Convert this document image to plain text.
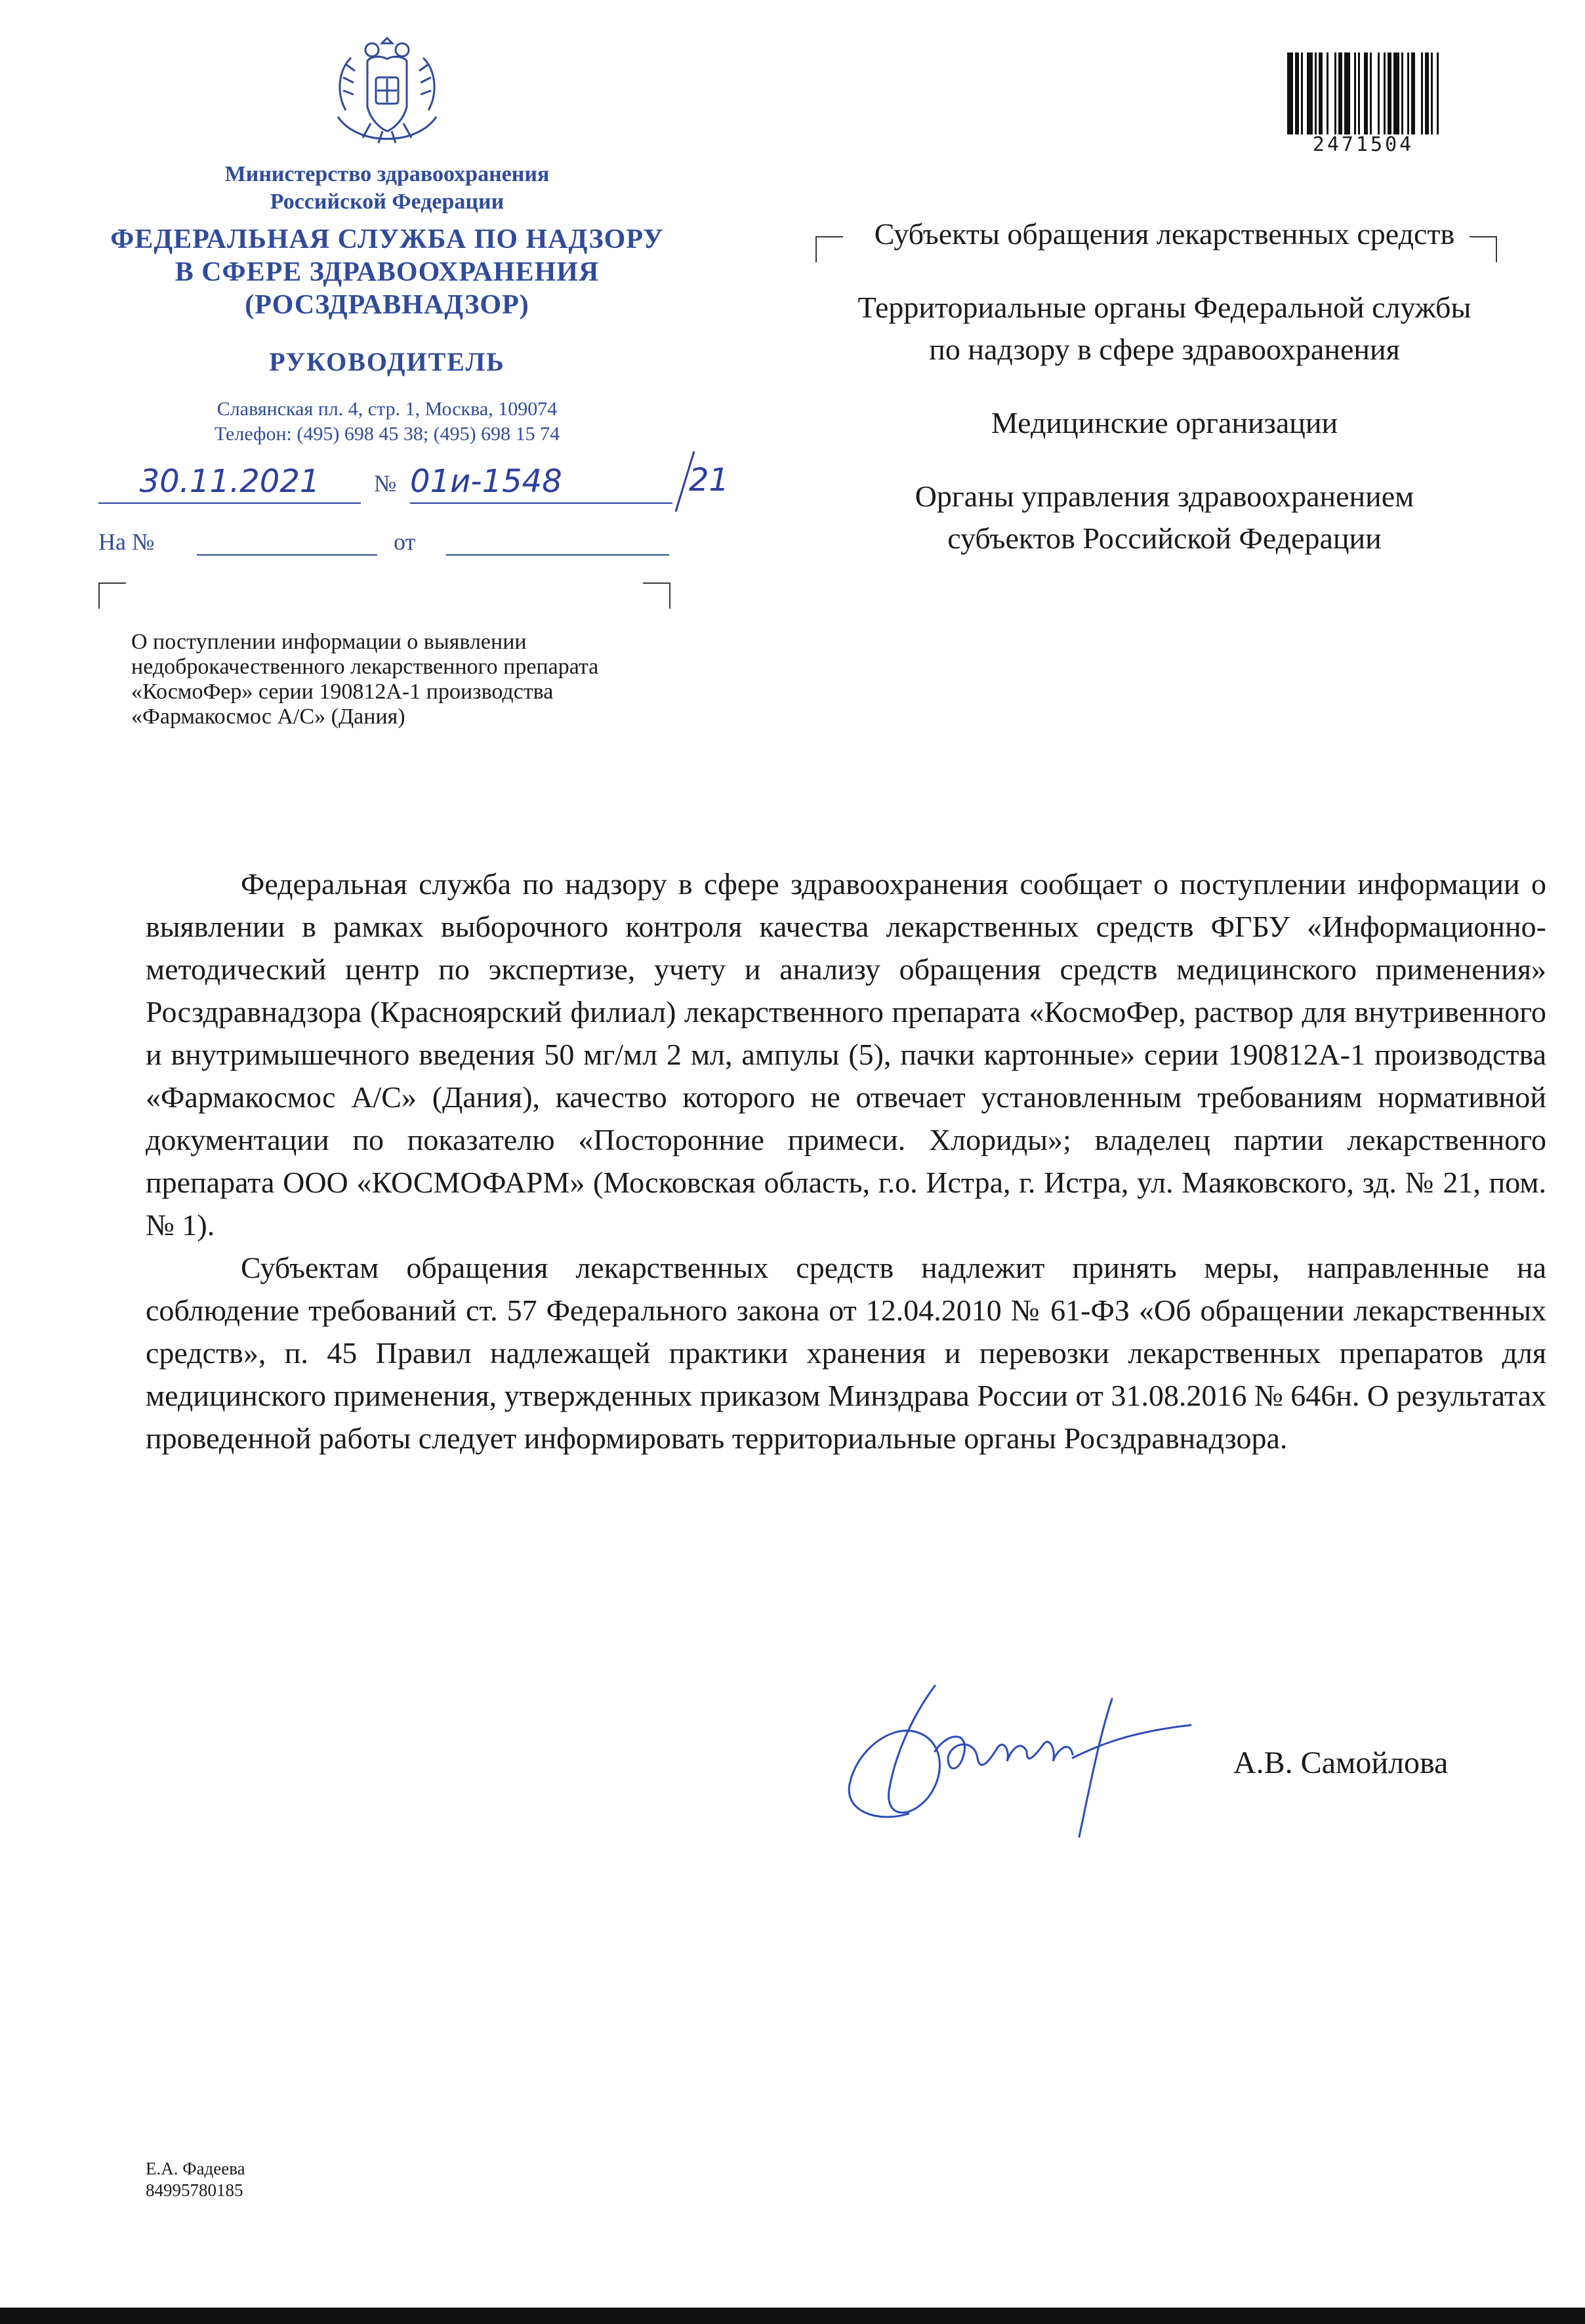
Министерство здравоохранения
Российской Федерации
ФЕДЕРАЛЬНАЯ СЛУЖБА ПО НАДЗОРУ
В СФЕРЕ ЗДРАВООХРАНЕНИЯ
(РОСЗДРАВНАДЗОР)
РУКОВОДИТЕЛЬ
Славянская пл. 4, стр. 1, Москва, 109074
Телефон: (495) 698 45 38; (495) 698 15 74
30.11.2021	№ 01и-1548	21
На №	от
О поступлении информации о выявлении недоброкачественного лекарственного препарата «КосмоФер» серии 190812А-1 производства «Фармакосмос А/С» (Дания)
2471504

Субъекты обращения лекарственных средств

Территориальные органы Федеральной службы по надзору в сфере здравоохранения

Медицинские организации

Органы управления здравоохранением субъектов Российской Федерации

Федеральная служба по надзору в сфере здравоохранения сообщает о поступлении информации о выявлении в рамках выборочного контроля качества лекарственных средств ФГБУ «Информационно-методический центр по экспертизе, учету и анализу обращения средств медицинского применения» Росздравнадзора (Красноярский филиал) лекарственного препарата «КосмоФер, раствор для внутривенного и внутримышечного введения 50 мг/мл 2 мл, ампулы (5), пачки картонные» серии 190812А-1 производства «Фармакосмос А/С» (Дания), качество которого не отвечает установленным требованиям нормативной документации по показателю «Посторонние примеси. Хлориды»; владелец партии лекарственного препарата ООО «КОСМОФАРМ» (Московская область, г.о. Истра, г. Истра, ул. Маяковского, зд. № 21, пом. № 1).

Субъектам обращения лекарственных средств надлежит принять меры, направленные на соблюдение требований ст. 57 Федерального закона от 12.04.2010 № 61-ФЗ «Об обращении лекарственных средств», п. 45 Правил надлежащей практики хранения и перевозки лекарственных препаратов для медицинского применения, утвержденных приказом Минздрава России от 31.08.2016 № 646н. О результатах проведенной работы следует информировать территориальные органы Росздравнадзора.

А.В. Самойлова
Е.А. Фадеева
84995780185
